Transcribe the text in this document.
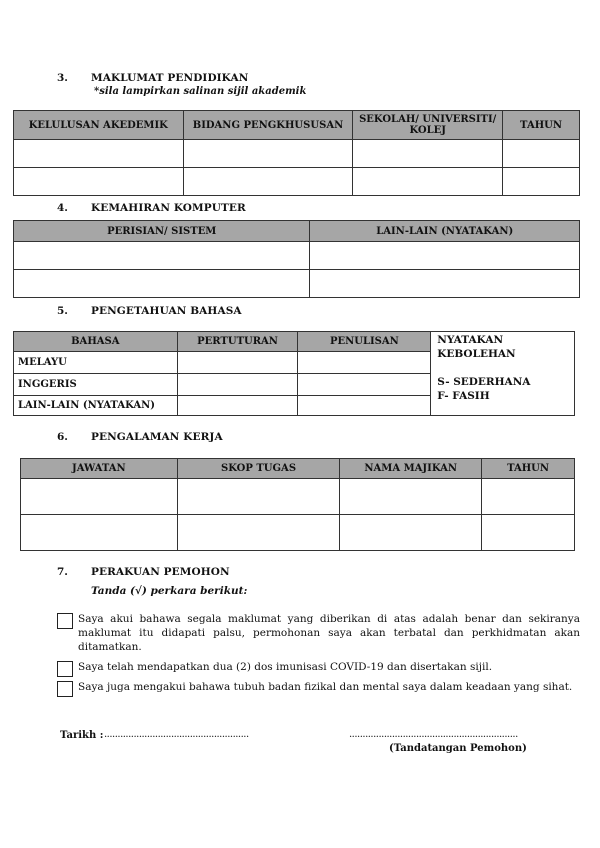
3. MAKLUMAT PENDIDIKAN
*sila lampirkan salinan sijil akademik
KELULUSAN AKEDEMIK	BIDANG PENGKHUSUSAN	SEKOLAH/ UNIVERSITI/ KOLEJ	TAHUN

4. KEMAHIRAN KOMPUTER
PERISIAN/ SISTEM	LAIN-LAIN (NYATAKAN)

5. PENGETAHUAN BAHASA
BAHASA	PERTUTURAN	PENULISAN	NYATAKAN
KEBOLEHAN
S- SEDERHANA
F- FASIH

MELAYU			
INGGERIS			
LAIN-LAIN (NYATAKAN)			
6. PENGALAMAN KERJA
JAWATAN	SKOP TUGAS	NAMA MAJIKAN	TAHUN

7. PERAKUAN PEMOHON
Tanda (√) perkara berikut:
Saya akui bahawa segala maklumat yang diberikan di atas adalah benar dan sekiranya maklumat itu didapati palsu, permohonan saya akan terbatal dan perkhidmatan akan ditamatkan.
Saya telah mendapatkan dua (2) dos imunisasi COVID-19 dan disertakan sijil.
Saya juga mengakui bahawa tubuh badan fizikal dan mental saya dalam keadaan yang sihat.
Tarikh : ......................................................	...............................................................
(Tandatangan Pemohon)
